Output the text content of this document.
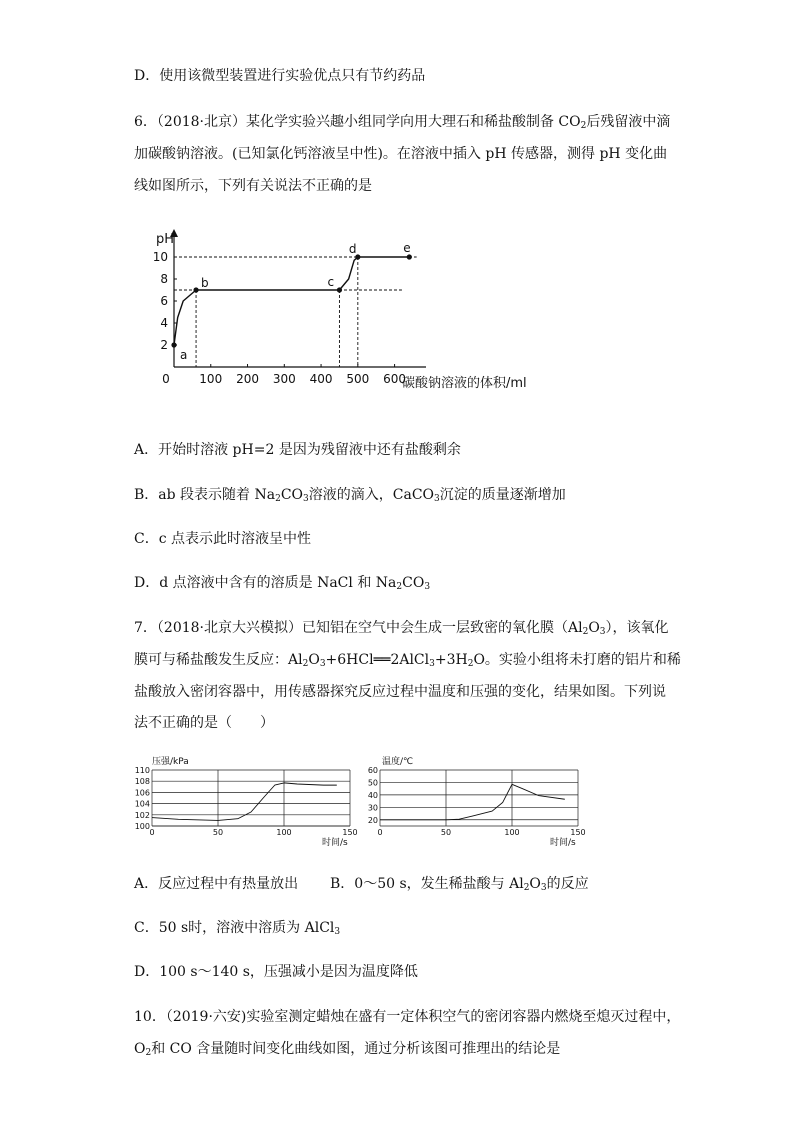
D．使用该微型装置进行实验优点只有节约药品
6．（2018·北京）某化学实验兴趣小组同学向用大理石和稀盐酸制备 $CO_2$后残留液中滴
加碳酸钠溶液。(已知氯化钙溶液呈中性)。在溶液中插入 pH 传感器，测得 pH 变化曲
线如图所示，下列有关说法不正确的是
0 100 200 300 400 500 600
2
4
6
8
10
a
b	c
d	e
pH
碳酸钠溶液的体积/ml
A．开始时溶液 pH=2 是因为残留液中还有盐酸剩余
B．ab 段表示随着 $Na_2CO_3$溶液的滴入，CaCO$_3$沉淀的质量逐渐增加
C．c 点表示此时溶液呈中性
D．d 点溶液中含有的溶质是 NaCl 和 $Na_2CO_3$
7．（2018·北京大兴模拟）已知铝在空气中会生成一层致密的氧化膜$(Al_2O_3)$，该氧化
膜可与稀盐酸发生反应：$Al_2O_3+6HCl══2AlCl_3+3H_2O$。实验小组将未打磨的铝片和稀
盐酸放入密闭容器中，用传感器探究反应过程中温度和压强的变化，结果如图。下列说
法不正确的是（　　）
100
102
104
106
108
110
0	50	100	150
压强/kPa
时间/s
20
30
40
50
60
0	50	100	150
温度/℃
时间/s
A．反应过程中有热量放出 B．0～50 s，发生稀盐酸与 $Al_2O_3$的反应
C．50 s时，溶液中溶质为 AlCl$_3$
D．100 s～140 s，压强减小是因为温度降低
10．（2019·六安)实验室测定蜡烛在盛有一定体积空气的密闭容器内燃烧至熄灭过程中，
$O_2$和 CO 含量随时间变化曲线如图，通过分析该图可推理出的结论是
